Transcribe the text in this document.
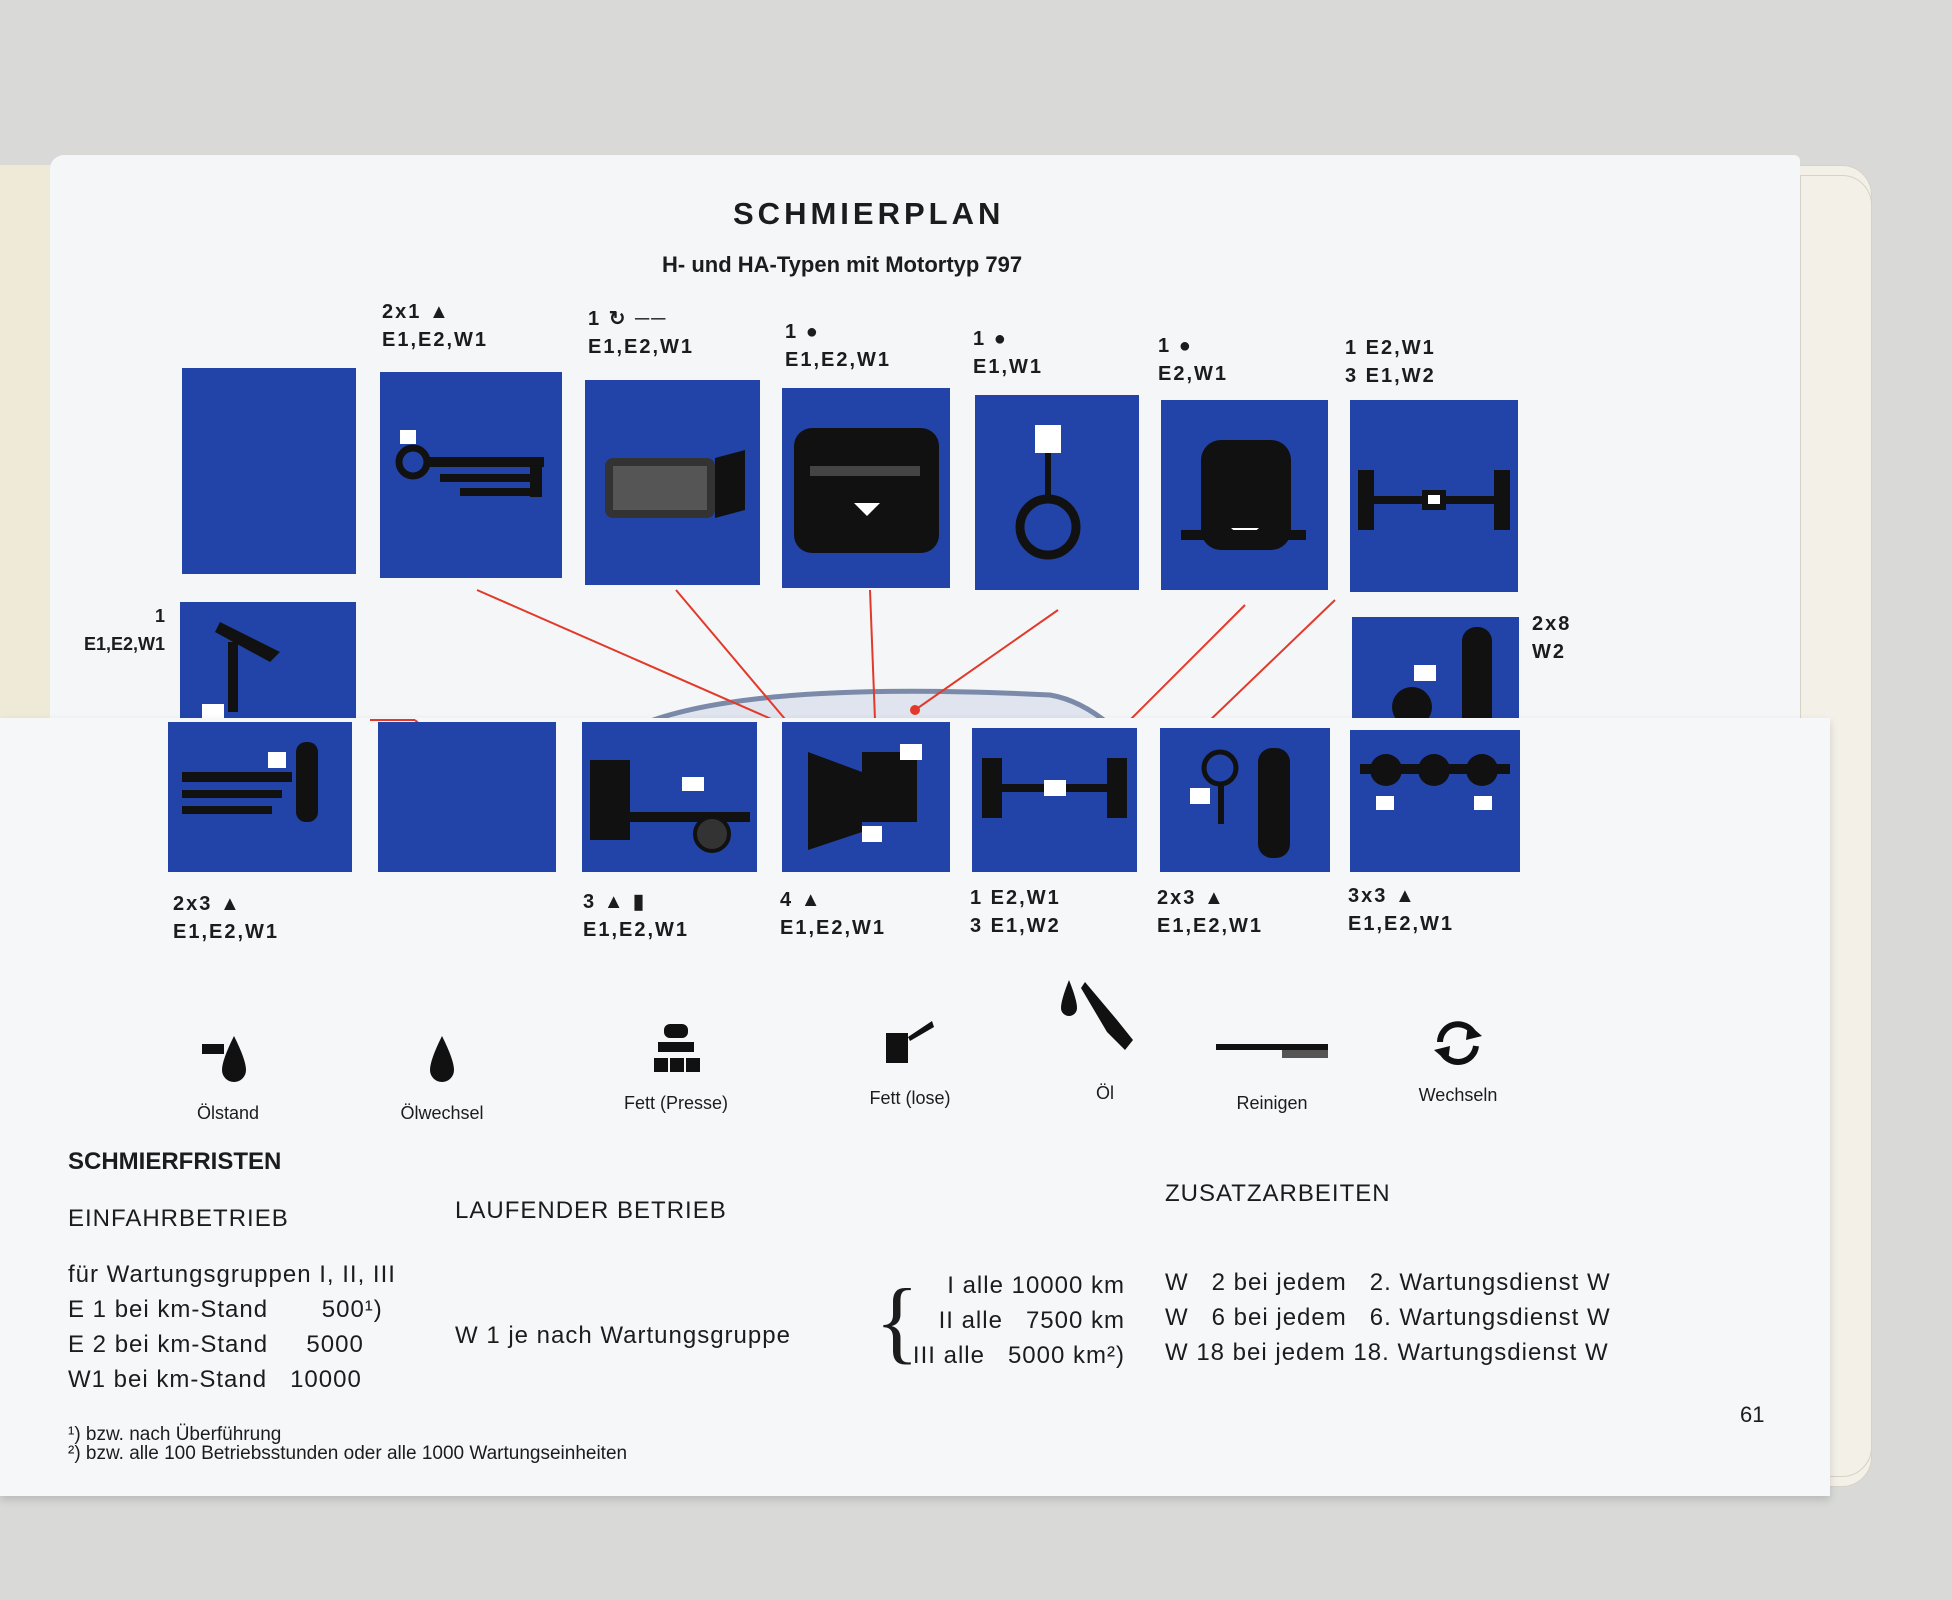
SCHMIERPLAN
H- und HA-Typen mit Motortyp 797
2x1 ▲
E1,E2,W1
1 ↻ ──
E1,E2,W1
1 ●
E1,E2,W1
1 ●
E1,W1
1 ●
E2,W1
1 E2,W1
3 E1,W2
1
E1,E2,W1
2x8
W2
2x3 ▲
E1,E2,W1
3 ▲ ▮
E1,E2,W1
4 ▲
E1,E2,W1
1 E2,W1
3 E1,W2
2x3 ▲
E1,E2,W1
3x3 ▲
E1,E2,W1
Ölstand	Ölwechsel	Fett (Presse)	Fett (lose)	Öl	Reinigen	Wechseln
SCHMIERFRISTEN
EINFAHRBETRIEB	LAUFENDER BETRIEB
ZUSATZARBEITEN
für Wartungsgruppen I, II, III
E 1 bei km-Stand       500¹)
E 2 bei km-Stand     5000
W1 bei km-Stand   10000
W 1 je nach Wartungsgruppe {	I alle 10000 km
II alle   7500 km
III alle   5000 km²)
W   2 bei jedem   2. Wartungsdienst W
W   6 bei jedem   6. Wartungsdienst W
W 18 bei jedem 18. Wartungsdienst W
¹) bzw. nach Überführung
²) bzw. alle 100 Betriebsstunden oder alle 1000 Wartungseinheiten
61
